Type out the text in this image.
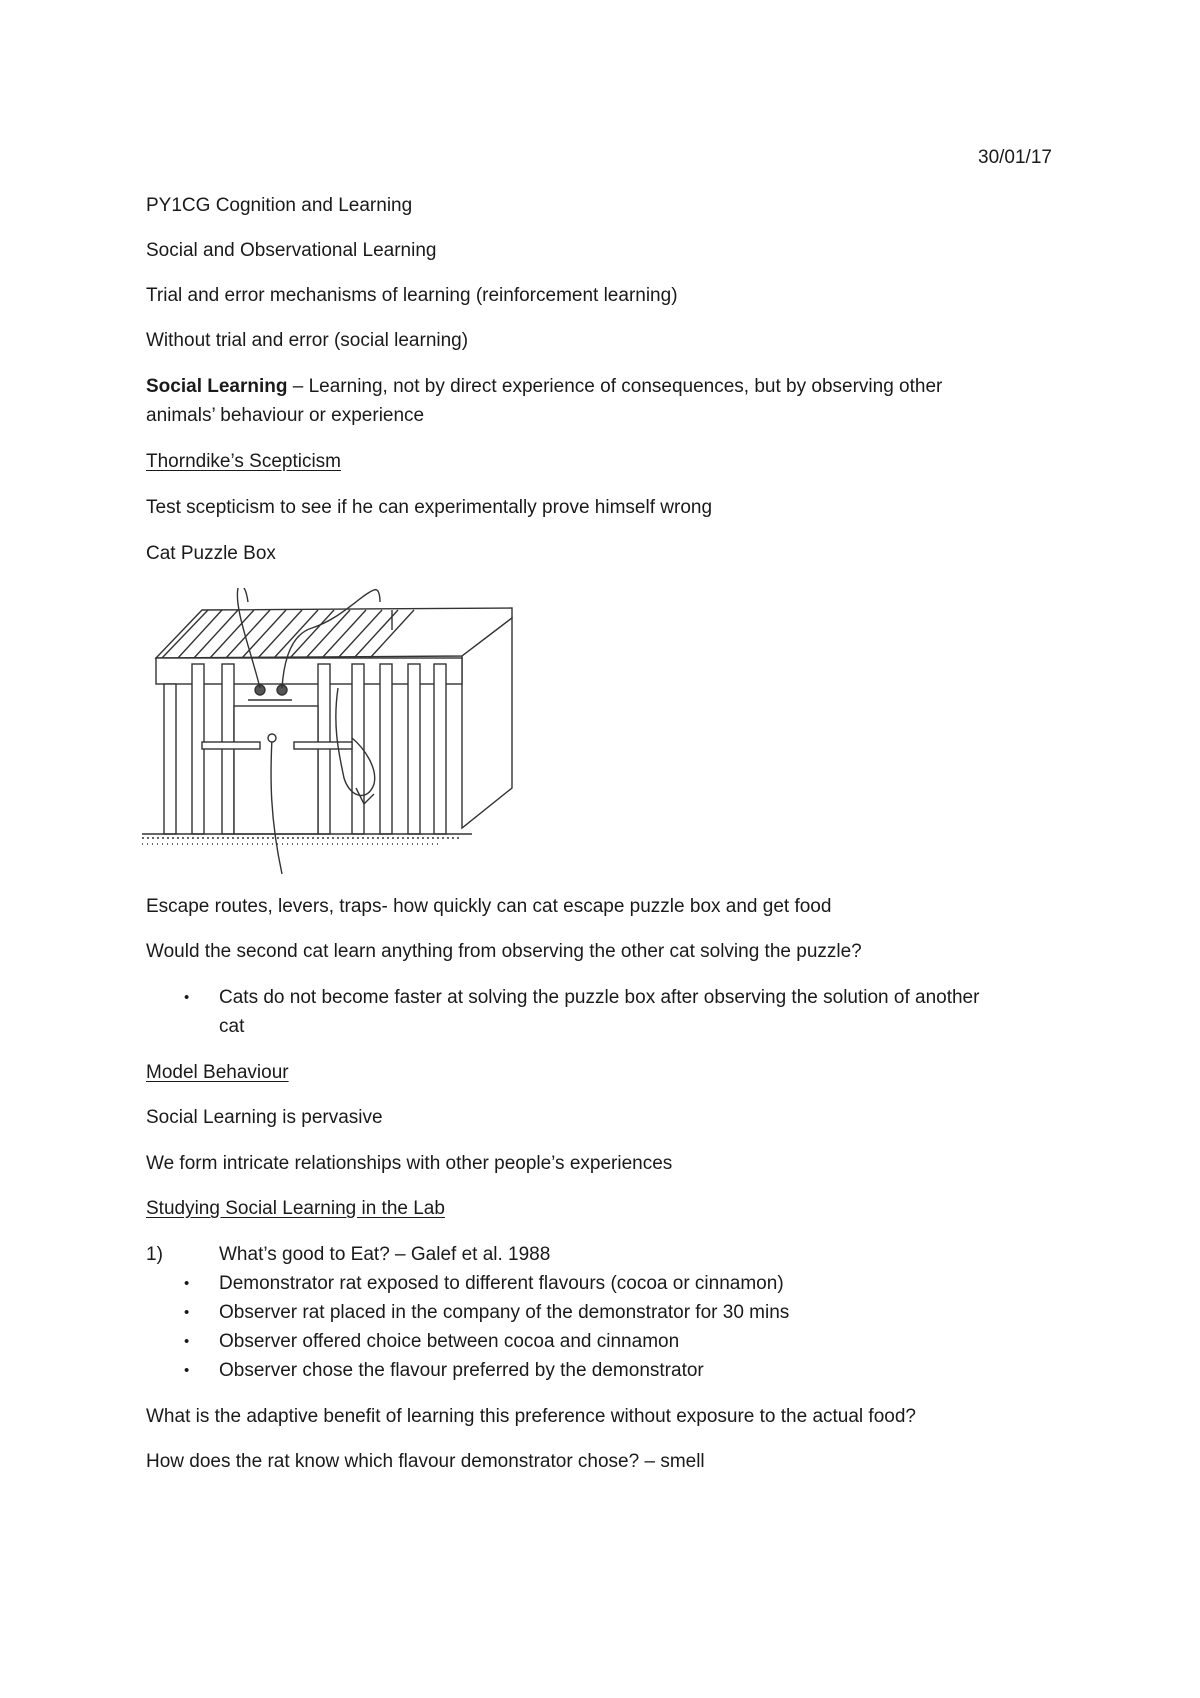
30/01/17
PY1CG Cognition and Learning
Social and Observational Learning
Trial and error mechanisms of learning (reinforcement learning)
Without trial and error (social learning)
Social Learning – Learning, not by direct experience of consequences, but by observing other
animals’ behaviour or experience
Thorndike’s Scepticism
Test scepticism to see if he can experimentally prove himself wrong
Cat Puzzle Box
Escape routes, levers, traps- how quickly can cat escape puzzle box and get food
Would the second cat learn anything from observing the other cat solving the puzzle?
• Cats do not become faster at solving the puzzle box after observing the solution of another
cat
Model Behaviour
Social Learning is pervasive
We form intricate relationships with other people’s experiences
Studying Social Learning in the Lab
1)	What’s good to Eat? – Galef et al. 1988
• Demonstrator rat exposed to different flavours (cocoa or cinnamon)
• Observer rat placed in the company of the demonstrator for 30 mins
• Observer offered choice between cocoa and cinnamon
• Observer chose the flavour preferred by the demonstrator
What is the adaptive benefit of learning this preference without exposure to the actual food?
How does the rat know which flavour demonstrator chose? – smell
